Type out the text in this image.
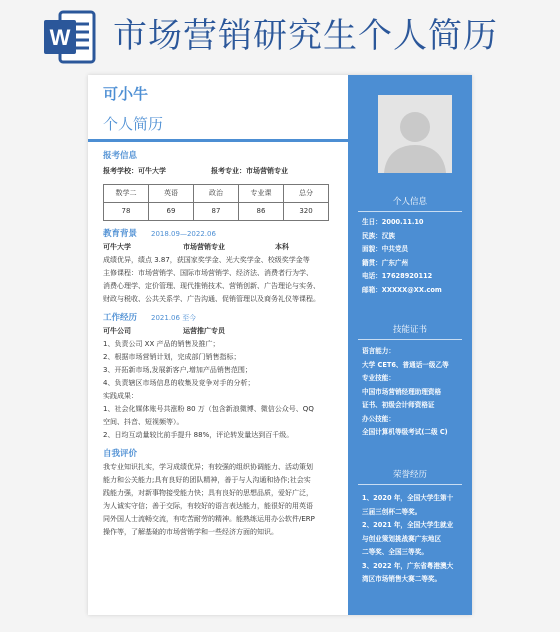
W 市场营销研究生个人简历
可小牛
个人简历
报考信息
报考学校：可牛大学	报考专业：市场营销专业
数学二	英语	政治	专业课	总分
78	69	87	86	320
教育背景 2018.09—2022.06
可牛大学	市场营销专业	本科
成绩优异，绩点 3.87，获国家奖学金、光大奖学金、校级奖学金等
主修课程：市场营销学、国际市场营销学、经济法、消费者行为学、
消费心理学、定价管理、现代推销技术、营销创新、广告理论与实务、
财政与税收、公共关系学、广告沟通、促销管理以及商务礼仪等课程。
工作经历 2021.06 至今
可牛公司	运营推广专员
1、负责公司 XX 产品的销售及推广；
2、根据市场营销计划，完成部门销售指标；
3、开拓新市场,发展新客户,增加产品销售范围；
4、负责辖区市场信息的收集及竞争对手的分析；
实践成果：
1、社会化媒体账号共涨粉 80 万（包含新浪微博、微信公众号、QQ
空间、抖音、短视频等）。
2、日均互动量较比前手提升 88%，评论转发量达到百千级。
自我评价
我专业知识扎实，学习成绩优异；有较强的组织协调能力、活动策划
能力和公关能力;具有良好的团队精神，善于与人沟通和协作;社会实
践能力强，对新事物接受能力快；具有良好的思想品质，爱好广泛，
为人诚实守信；善于交际，有较好的语言表达能力，能很好的用英语
同外国人士流畅交流，有吃苦耐劳的精神。能熟练运用办公软件/ERP
操作等，了解基础的市场营销学和一些经济方面的知识。
个人信息
生日：2000.11.10
民族：汉族
面貌：中共党员
籍贯：广东广州
电话：17628920112
邮箱：XXXXX@XX.com
技能证书
语言能力：
大学 CET6、普通话一级乙等
专业技能：
中国市场营销经理助理资格
证书、初级会计师资格证
办公技能：
全国计算机等级考试(二级 C)
荣誉经历
1、2020 年，全国大学生第十
三届三创杯二等奖。
2、2021 年，全国大学生就业
与创业策划挑战赛广东地区
二等奖、全国三等奖。
3、2022 年，广东省粤港澳大
湾区市场销售大赛二等奖。
